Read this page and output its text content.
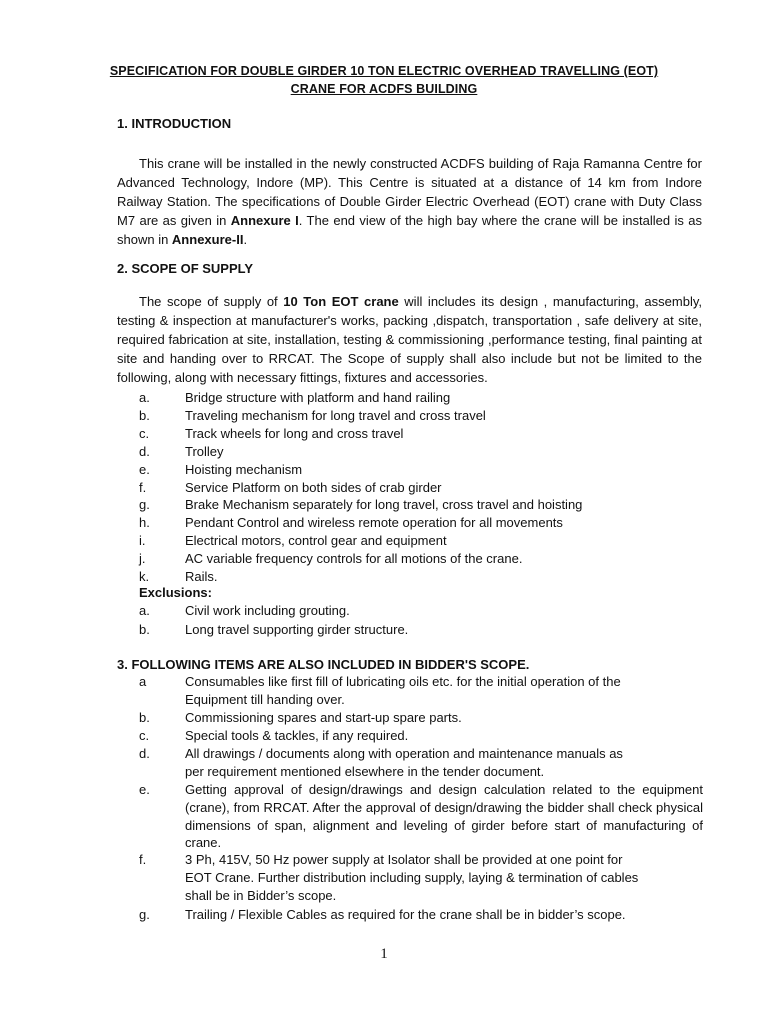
SPECIFICATION FOR DOUBLE GIRDER 10 TON ELECTRIC OVERHEAD TRAVELLING (EOT)
CRANE FOR ACDFS BUILDING
1. INTRODUCTION
This crane will be installed in the newly constructed ACDFS building of Raja Ramanna Centre for Advanced Technology, Indore (MP). This Centre is situated at a distance of 14 km from Indore Railway Station. The specifications of Double Girder Electric Overhead (EOT) crane with Duty Class M7 are as given in Annexure I. The end view of the high bay where the crane will be installed is as shown in Annexure-II.
2. SCOPE OF SUPPLY
The scope of supply of 10 Ton EOT crane will includes its design , manufacturing, assembly, testing & inspection at manufacturer's works, packing ,dispatch, transportation , safe delivery at site, required fabrication at site, installation, testing & commissioning ,performance testing, final painting at site and handing over to RRCAT. The Scope of supply shall also include but not be limited to the following, along with necessary fittings, fixtures and accessories.
a.	Bridge structure with platform and hand railing
b.	Traveling mechanism for long travel and cross travel
c.	Track wheels for long and cross travel
d.	Trolley
e.	Hoisting mechanism
f.	Service Platform on both sides of crab girder
g.	Brake Mechanism separately for long travel, cross travel and hoisting
h.	Pendant Control and wireless remote operation for all movements
i.	Electrical motors, control gear and equipment
j.	AC variable frequency controls for all motions of the crane.
k.	Rails.
Exclusions:
a.	Civil work including grouting.
b.	Long travel supporting girder structure.
3. FOLLOWING ITEMS ARE ALSO INCLUDED IN BIDDER'S SCOPE.
a	Consumables like first fill of lubricating oils etc. for the initial operation of the
Equipment till handing over.
b.	Commissioning spares and start-up spare parts.
c.	Special tools & tackles, if any required.
d.	All drawings / documents along with operation and maintenance manuals as
per requirement mentioned elsewhere in the tender document.
e.	Getting approval of design/drawings and design calculation related to the equipment (crane), from RRCAT. After the approval of design/drawing the bidder shall check physical dimensions of span, alignment and leveling of girder before start of manufacturing of crane.
f.	3 Ph, 415V, 50 Hz power supply at Isolator shall be provided at one point for
EOT Crane. Further distribution including supply, laying & termination of cables
shall be in Bidder’s scope.
g.	Trailing / Flexible Cables as required for the crane shall be in bidder’s scope.
1
